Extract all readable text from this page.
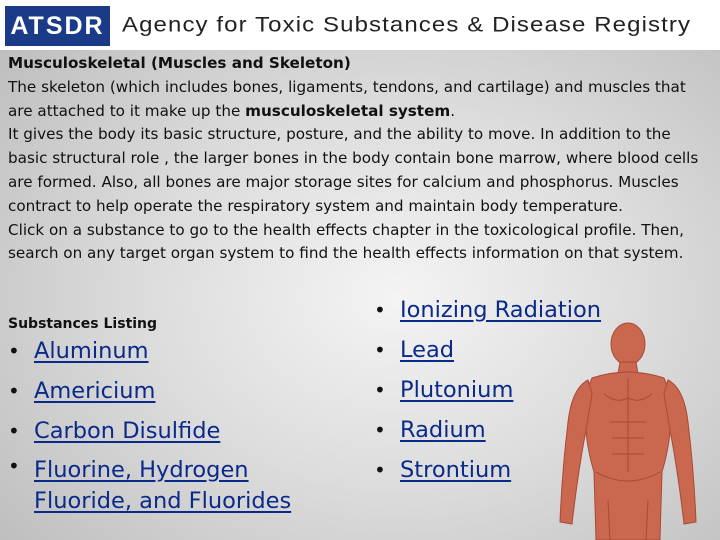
ATSDR Agency for Toxic Substances & Disease Registry

Musculoskeletal (Muscles and Skeleton)

The skeleton (which includes bones, ligaments, tendons, and cartilage) and muscles that are attached to it make up the musculoskeletal system.

It gives the body its basic structure, posture, and the ability to move. In addition to the basic structural role , the larger bones in the body contain bone marrow, where blood cells are formed. Also, all bones are major storage sites for calcium and phosphorus. Muscles contract to help operate the respiratory system and maintain body temperature.

Click on a substance to go to the health effects chapter in the toxicological profile. Then, search on any target organ system to find the health effects information on that system.

Substances Listing
• Aluminum
• Americium
• Carbon Disulfide
• Fluorine, Hydrogen Fluoride, and Fluorides
• Ionizing Radiation
• Lead
• Plutonium
• Radium
• Strontium
